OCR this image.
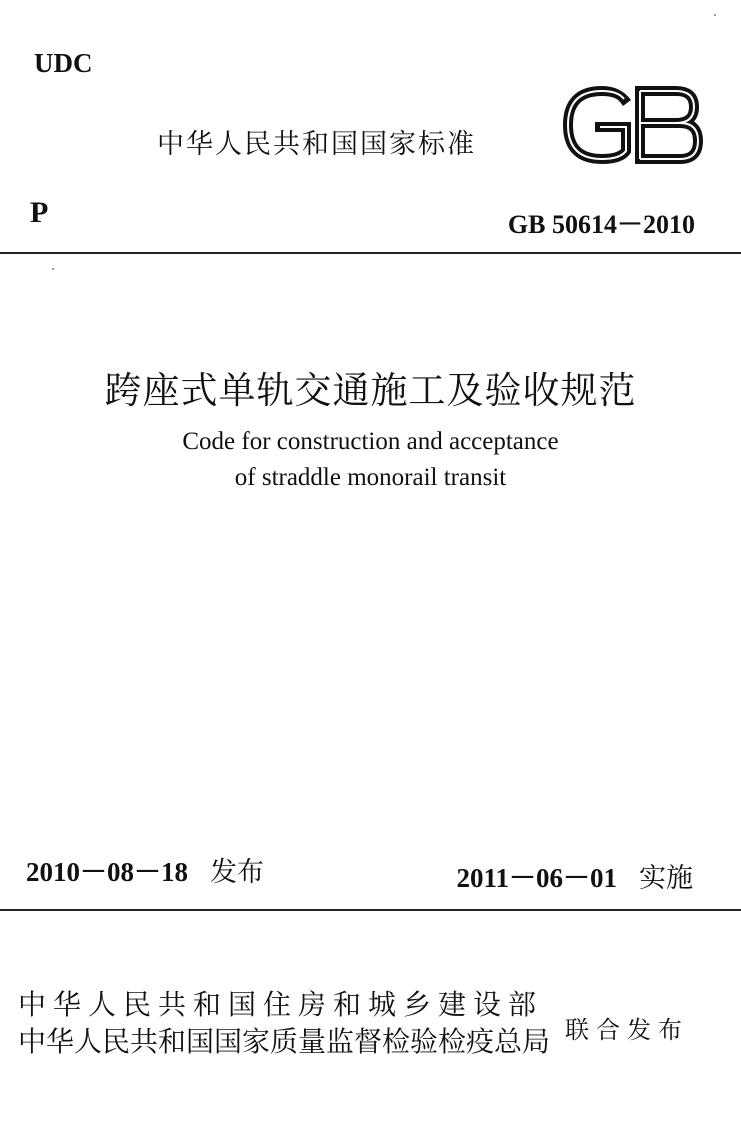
UDC
中华人民共和国国家标准
P	GB 50614－2010
跨座式单轨交通施工及验收规范
Code for construction and acceptance
of straddle monorail transit
2010－08－18 发布	2011－06－01 实施
中华人民共和国住房和城乡建设部
中华人民共和国国家质量监督检验检疫总局 联合发布
